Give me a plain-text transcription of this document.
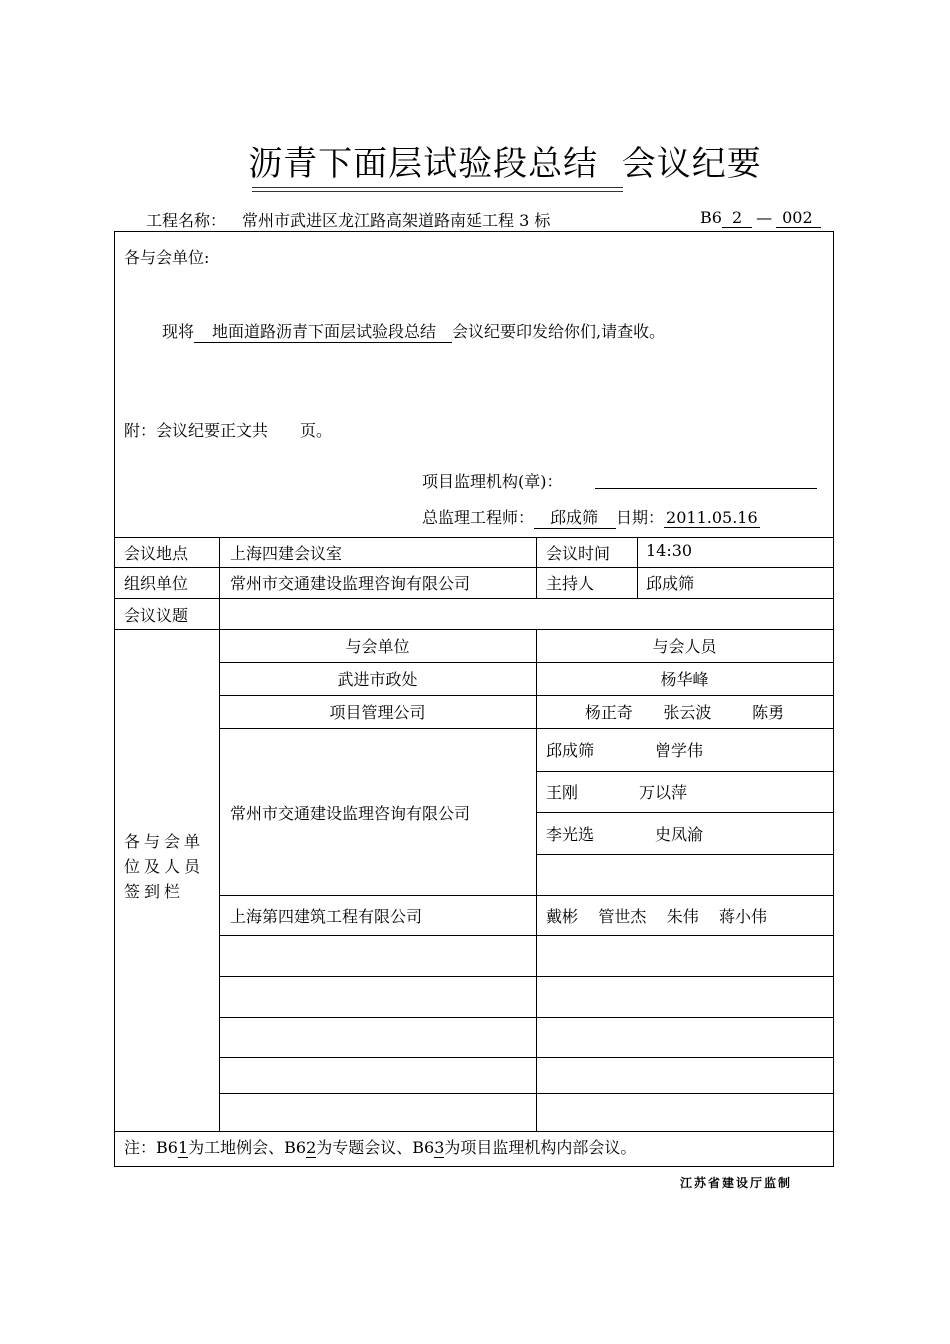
沥青下面层试验段总结  会议纪要
工程名称： 常州市武进区龙江路高架道路南延工程 3 标	B6 2 — 002
各与会单位:
现将 地面道路沥青下面层试验段总结 会议纪要印发给你们,请查收。
附：会议纪要正文共 页。
项目监理机构(章)：
总监理工程师： 邱成筛 日期： 2011.05.16
会议地点	上海四建会议室	会议时间 14:30
组织单位	常州市交通建设监理咨询有限公司	主持人	邱成筛
会议议题
各与会单位及人员签到栏
与会单位	与会人员
武进市政处	杨华峰
项目管理公司	杨正奇      张云波        陈勇
常州市交通建设监理咨询有限公司
邱成筛            曾学伟
王刚            万以萍
李光选            史凤渝
上海第四建筑工程有限公司	戴彬    管世杰    朱伟    蒋小伟
注：B61为工地例会、B62为专题会议、B63为项目监理机构内部会议。
江苏省建设厅监制
